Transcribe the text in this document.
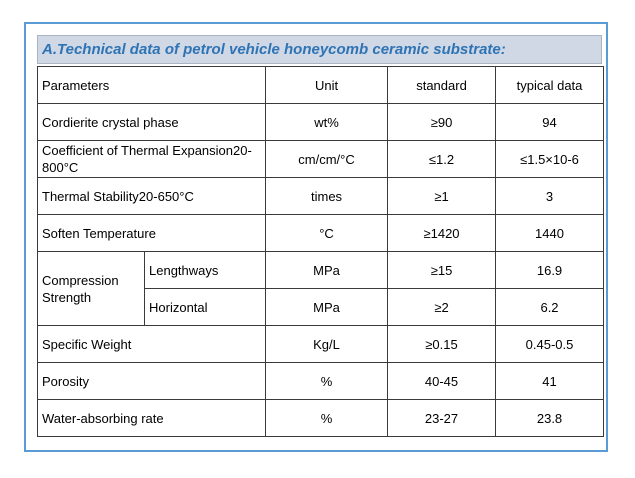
A.Technical data of petrol vehicle honeycomb ceramic substrate:
Parameters		Unit	standard	typical data
Cordierite crystal phase		wt%	≥90	94
Coefficient of Thermal Expansion20-800°C		cm/cm/°C	≤1.2	≤1.5×10-6
Thermal Stability20-650°C		times	≥1	3
Soften Temperature		°C	≥1420	1440
Compression Strength	Lengthways	MPa	≥15	16.9
	Horizontal	MPa	≥2	6.2
Specific Weight		Kg/L	≥0.15	0.45-0.5
Porosity		%	40-45	41
Water-absorbing rate		%	23-27	23.8
